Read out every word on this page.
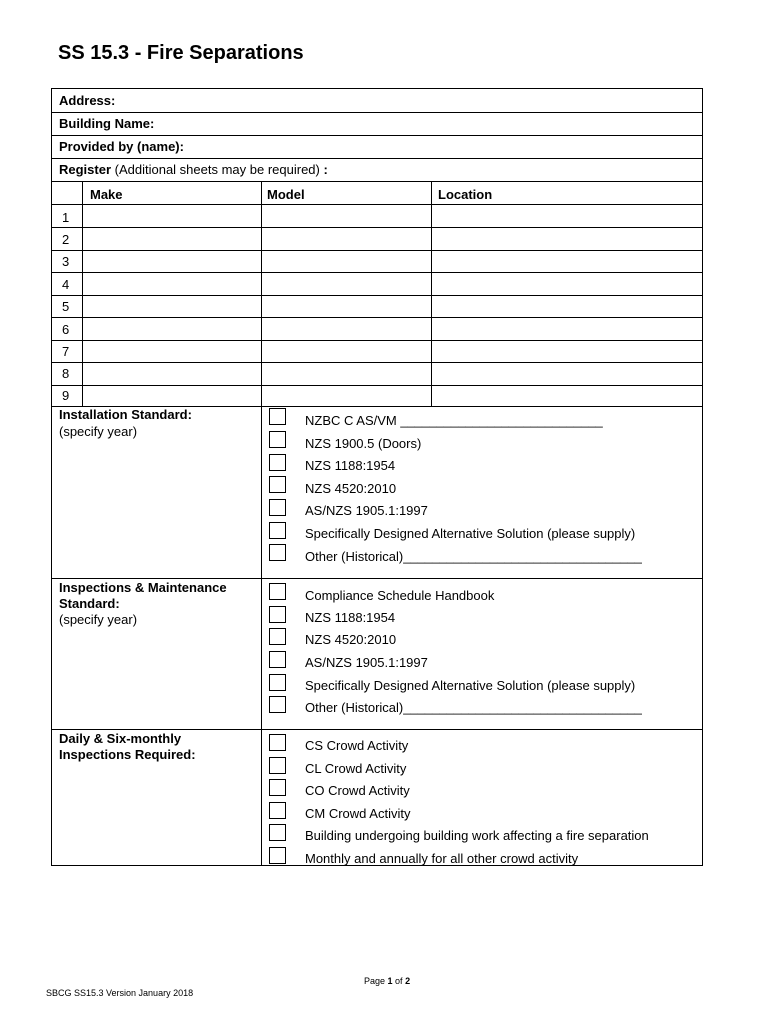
SS 15.3 - Fire Separations
Address:
Building Name:
Provided by (name):
Register (Additional sheets may be required) :
Make	Model	Location
1
2
3
4
5
6
7
8
9
Installation Standard:
(specify year)
NZBC C AS/VM ____________________________
NZS 1900.5 (Doors)
NZS 1188:1954
NZS 4520:2010
AS/NZS 1905.1:1997
Specifically Designed Alternative Solution (please supply)
Other (Historical)_________________________________
Inspections & Maintenance
Standard:
(specify year)
Compliance Schedule Handbook
NZS 1188:1954
NZS 4520:2010
AS/NZS 1905.1:1997
Specifically Designed Alternative Solution (please supply)
Other (Historical)_________________________________
Daily & Six-monthly
Inspections Required:
CS Crowd Activity
CL Crowd Activity
CO Crowd Activity
CM Crowd Activity
Building undergoing building work affecting a fire separation
Monthly and annually for all other crowd activity
Page 1 of 2
SBCG SS15.3 Version January 2018
